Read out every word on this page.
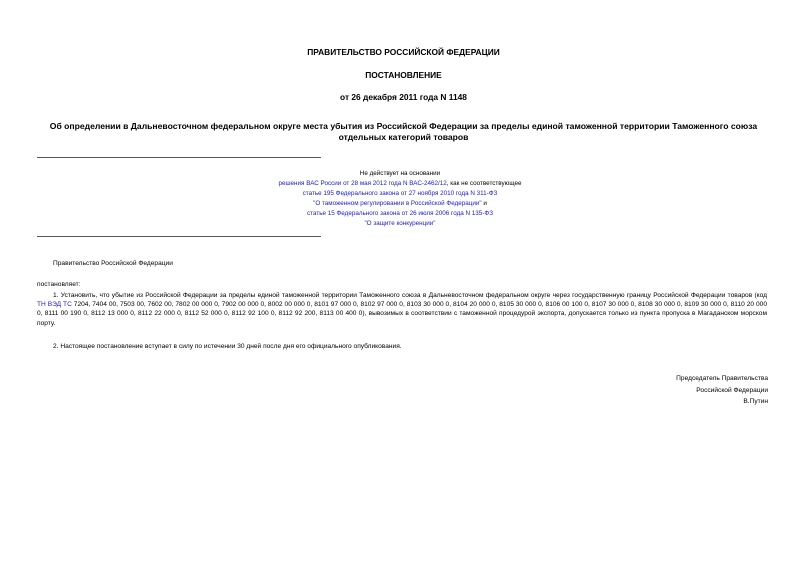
ПРАВИТЕЛЬСТВО РОССИЙСКОЙ ФЕДЕРАЦИИ
ПОСТАНОВЛЕНИЕ
от 26 декабря 2011 года N 1148
Об определении в Дальневосточном федеральном округе места убытия из Российской Федерации за пределы единой таможенной территории Таможенного союза отдельных категорий товаров
Не действует на основании
решения ВАС России от 28 мая 2012 года N ВАС-2462/12, как не соответствующее
статье 195 Федерального закона от 27 ноября 2010 года N 311-ФЗ
"О таможенном регулировании в Российской Федерации" и
статье 15 Федерального закона от 26 июля 2006 года N 135-ФЗ
"О защите конкуренции"
Правительство Российской Федерации
постановляет:
1. Установить, что убытие из Российской Федерации за пределы единой таможенной территории Таможенного союза в Дальневосточном федеральном округе через государственную границу Российской Федерации товаров (код ТН ВЭД ТС 7204, 7404 00, 7503 00, 7602 00, 7802 00 000 0, 7902 00 000 0, 8002 00 000 0, 8101 97 000 0, 8102 97 000 0, 8103 30 000 0, 8104 20 000 0, 8105 30 000 0, 8106 00 100 0, 8107 30 000 0, 8108 30 000 0, 8109 30 000 0, 8110 20 000 0, 8111 00 190 0, 8112 13 000 0, 8112 22 000 0, 8112 52 000 0, 8112 92 100 0, 8112 92 200, 8113 00 400 0), вывозимых в соответствии с таможенной процедурой экспорта, допускается только из пункта пропуска в Магаданском морском порту.
2. Настоящее постановление вступает в силу по истечении 30 дней после дня его официального опубликования.
Председатель Правительства
Российской Федерации
В.Путин
